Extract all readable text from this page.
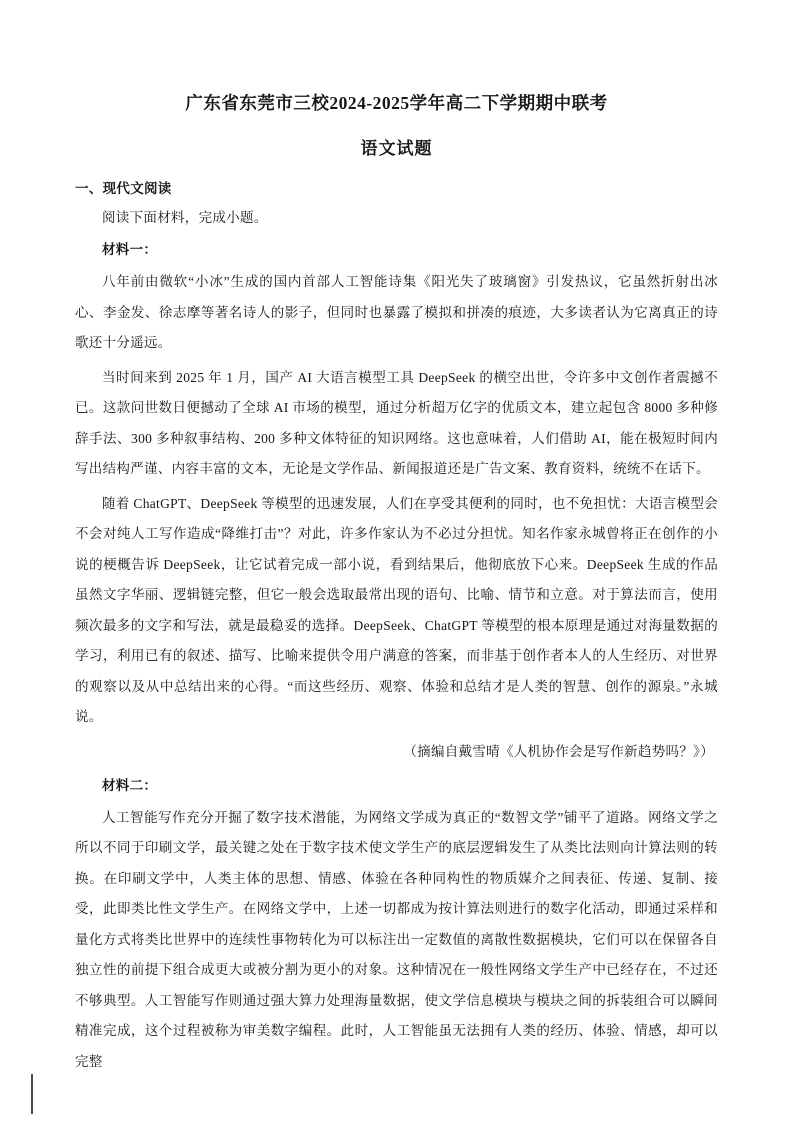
广东省东莞市三校2024-2025学年高二下学期期中联考
语文试题
一、现代文阅读

阅读下面材料，完成小题。

材料一：

八年前由微软“小冰”生成的国内首部人工智能诗集《阳光失了玻璃窗》引发热议，它虽然折射出冰心、李金发、徐志摩等著名诗人的影子，但同时也暴露了模拟和拼凑的痕迹，大多读者认为它离真正的诗歌还十分遥远。

当时间来到 2025 年 1 月，国产 AI 大语言模型工具 DeepSeek 的横空出世，令许多中文创作者震撼不已。这款问世数日便撼动了全球 AI 市场的模型，通过分析超万亿字的优质文本，建立起包含 8000 多种修辞手法、300 多种叙事结构、200 多种文体特征的知识网络。这也意味着，人们借助 AI，能在极短时间内写出结构严谨、内容丰富的文本，无论是文学作品、新闻报道还是广告文案、教育资料，统统不在话下。

随着 ChatGPT、DeepSeek 等模型的迅速发展，人们在享受其便利的同时，也不免担忧：大语言模型会不会对纯人工写作造成“降维打击”？对此，许多作家认为不必过分担忧。知名作家永城曾将正在创作的小说的梗概告诉 DeepSeek，让它试着完成一部小说，看到结果后，他彻底放下心来。DeepSeek 生成的作品虽然文字华丽、逻辑链完整，但它一般会选取最常出现的语句、比喻、情节和立意。对于算法而言，使用频次最多的文字和写法，就是最稳妥的选择。DeepSeek、ChatGPT 等模型的根本原理是通过对海量数据的学习，利用已有的叙述、描写、比喻来提供令用户满意的答案，而非基于创作者本人的人生经历、对世界的观察以及从中总结出来的心得。“而这些经历、观察、体验和总结才是人类的智慧、创作的源泉。”永城说。

（摘编自戴雪晴《人机协作会是写作新趋势吗？》）

材料二：

人工智能写作充分开掘了数字技术潜能，为网络文学成为真正的“数智文学”铺平了道路。网络文学之所以不同于印刷文学，最关键之处在于数字技术使文学生产的底层逻辑发生了从类比法则向计算法则的转换。在印刷文学中，人类主体的思想、情感、体验在各种同构性的物质媒介之间表征、传递、复制、接受，此即类比性文学生产。在网络文学中，上述一切都成为按计算法则进行的数字化活动，即通过采样和量化方式将类比世界中的连续性事物转化为可以标注出一定数值的离散性数据模块，它们可以在保留各自独立性的前提下组合成更大或被分割为更小的对象。这种情况在一般性网络文学生产中已经存在，不过还不够典型。人工智能写作则通过强大算力处理海量数据，使文学信息模块与模块之间的拆装组合可以瞬间精准完成，这个过程被称为审美数字编程。此时，人工智能虽无法拥有人类的经历、体验、情感，却可以完整
